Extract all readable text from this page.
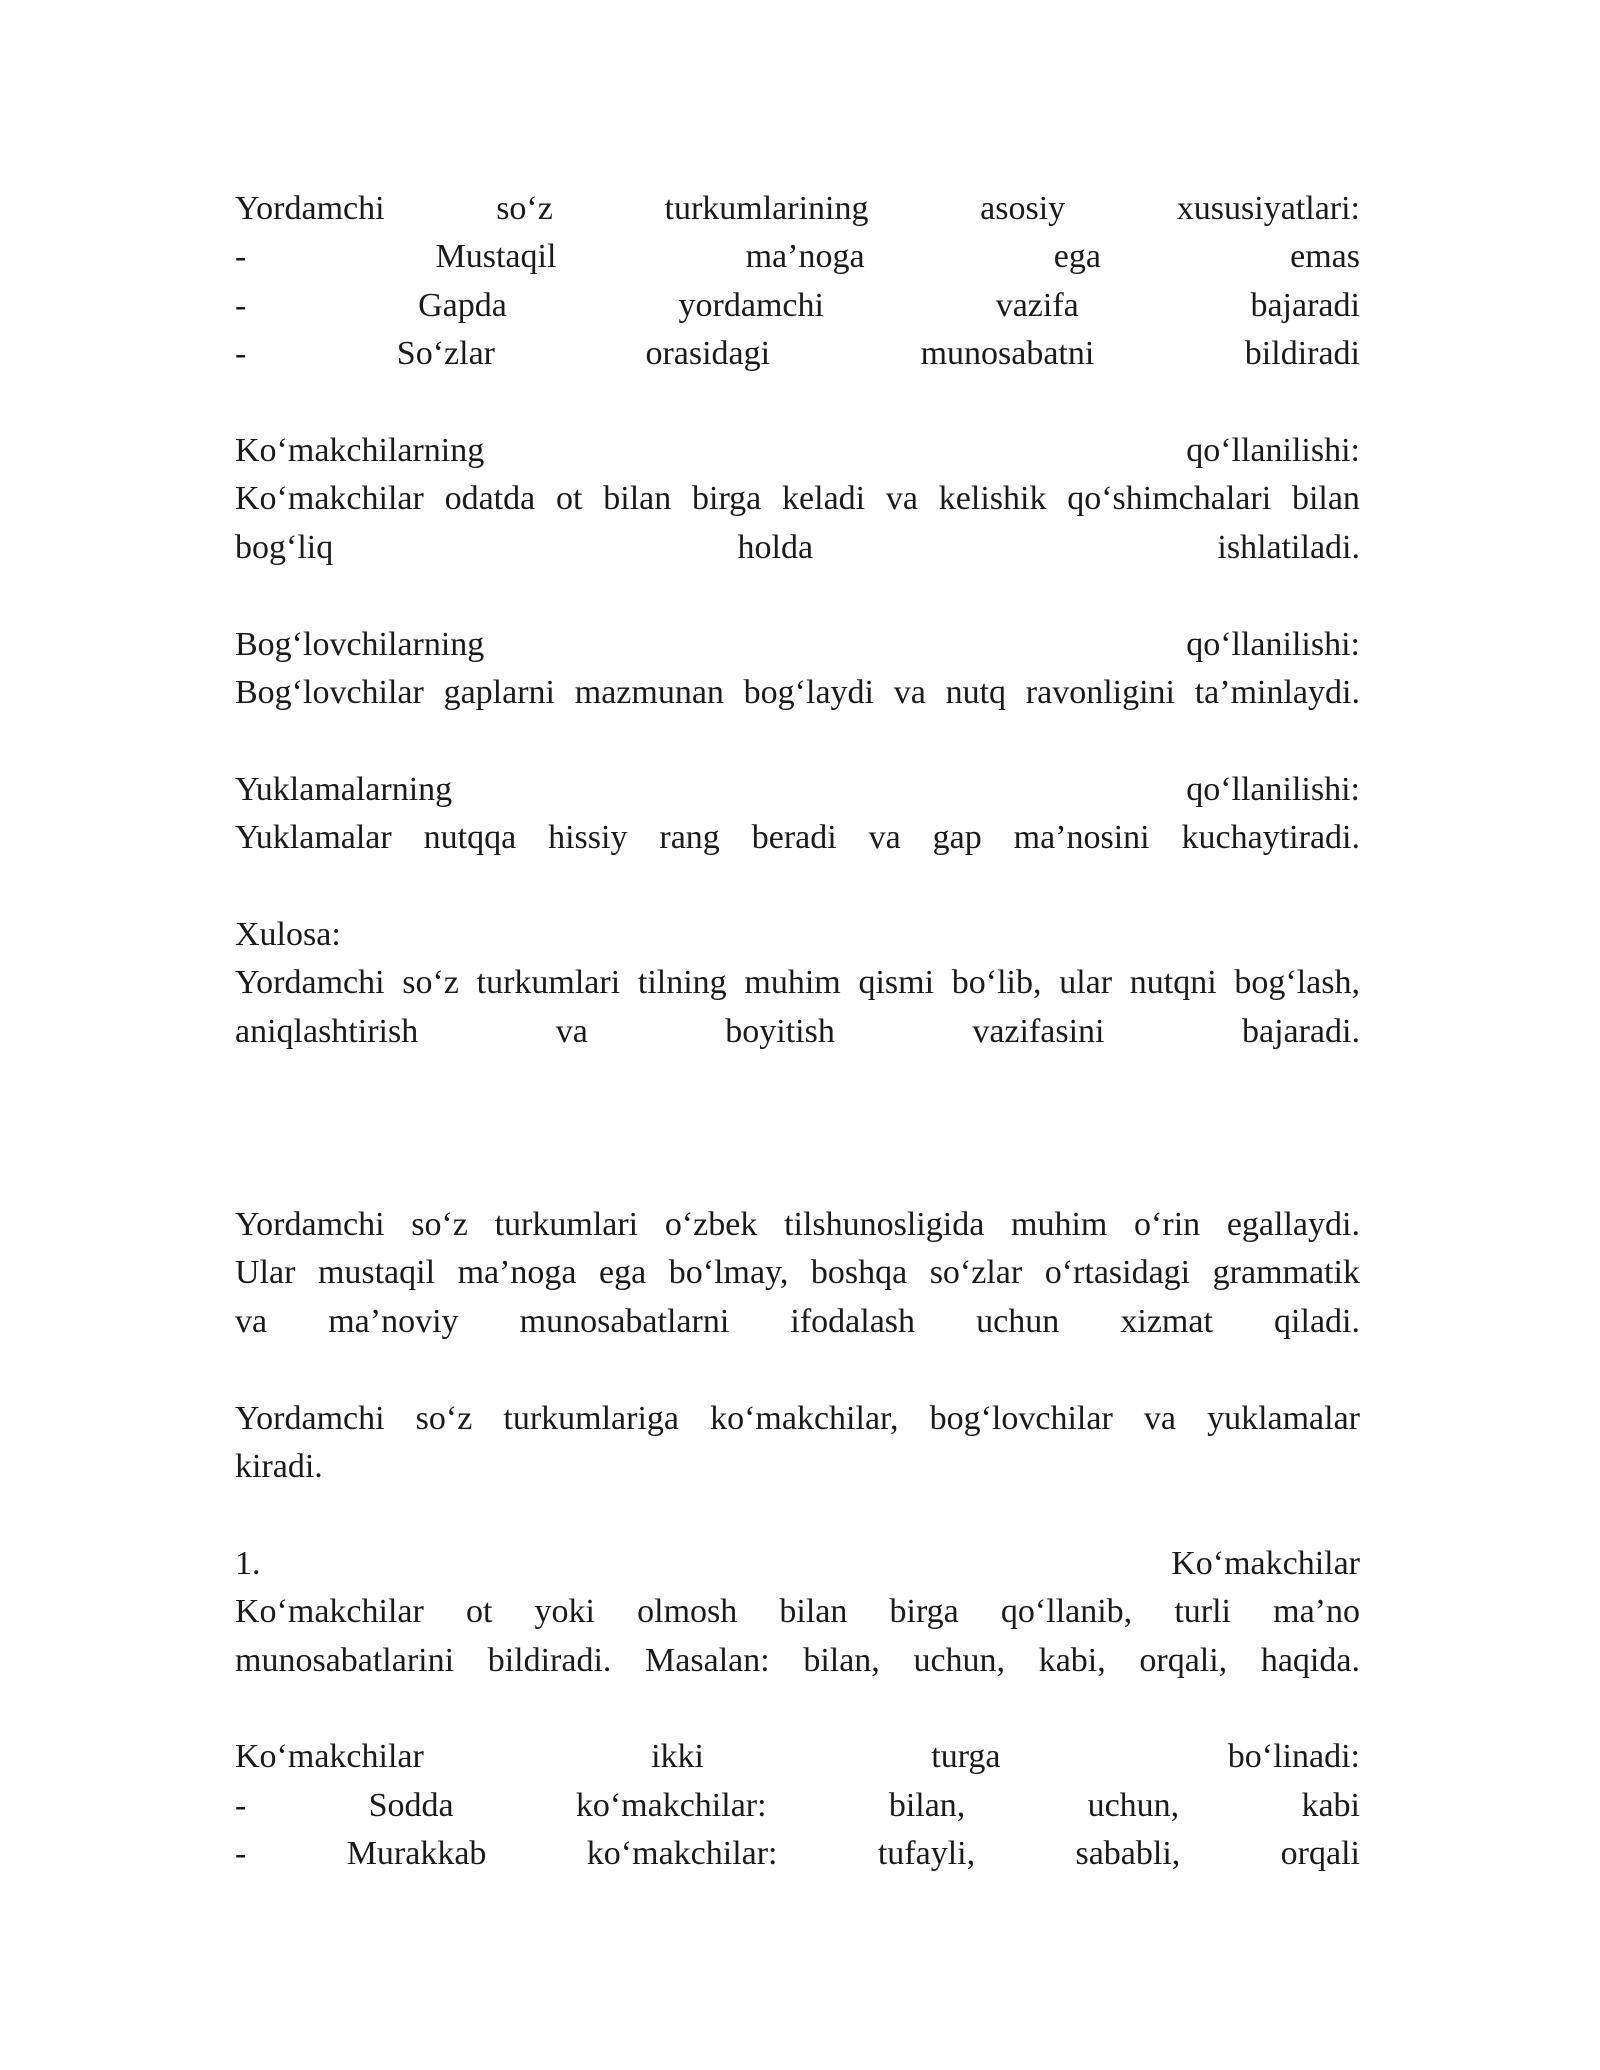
Yordamchi	so‘z	turkumlarining	asosiy	xususiyatlari:
-	Mustaqil	ma’noga	ega	emas
-	Gapda	yordamchi	vazifa	bajaradi
-	So‘zlar	orasidagi	munosabatni	bildiradi
Ko‘makchilarning	qo‘llanilishi:
Ko‘makchilar odatda ot bilan birga keladi va kelishik qo‘shimchalari bilan
bog‘liq	holda	ishlatiladi.
Bog‘lovchilarning	qo‘llanilishi:
Bog‘lovchilar gaplarni mazmunan bog‘laydi va nutq ravonligini ta’minlaydi.
Yuklamalarning	qo‘llanilishi:
Yuklamalar nutqqa hissiy rang beradi va gap ma’nosini kuchaytiradi.
Xulosa:
Yordamchi so‘z turkumlari tilning muhim qismi bo‘lib, ular nutqni bog‘lash,
aniqlashtirish	va	boyitish	vazifasini	bajaradi.
Yordamchi so‘z turkumlari o‘zbek tilshunosligida muhim o‘rin egallaydi.
Ular mustaqil ma’noga ega bo‘lmay, boshqa so‘zlar o‘rtasidagi grammatik
va ma’noviy munosabatlarni ifodalash uchun xizmat qiladi.
Yordamchi so‘z turkumlariga ko‘makchilar, bog‘lovchilar va yuklamalar
kiradi.
1.	Ko‘makchilar
Ko‘makchilar ot yoki olmosh bilan birga qo‘llanib, turli ma’no
munosabatlarini bildiradi. Masalan: bilan, uchun, kabi, orqali, haqida.
Ko‘makchilar	ikki	turga	bo‘linadi:
-	Sodda	ko‘makchilar:	bilan,	uchun,	kabi
-	Murakkab	ko‘makchilar:	tufayli,	sababli,	orqali
